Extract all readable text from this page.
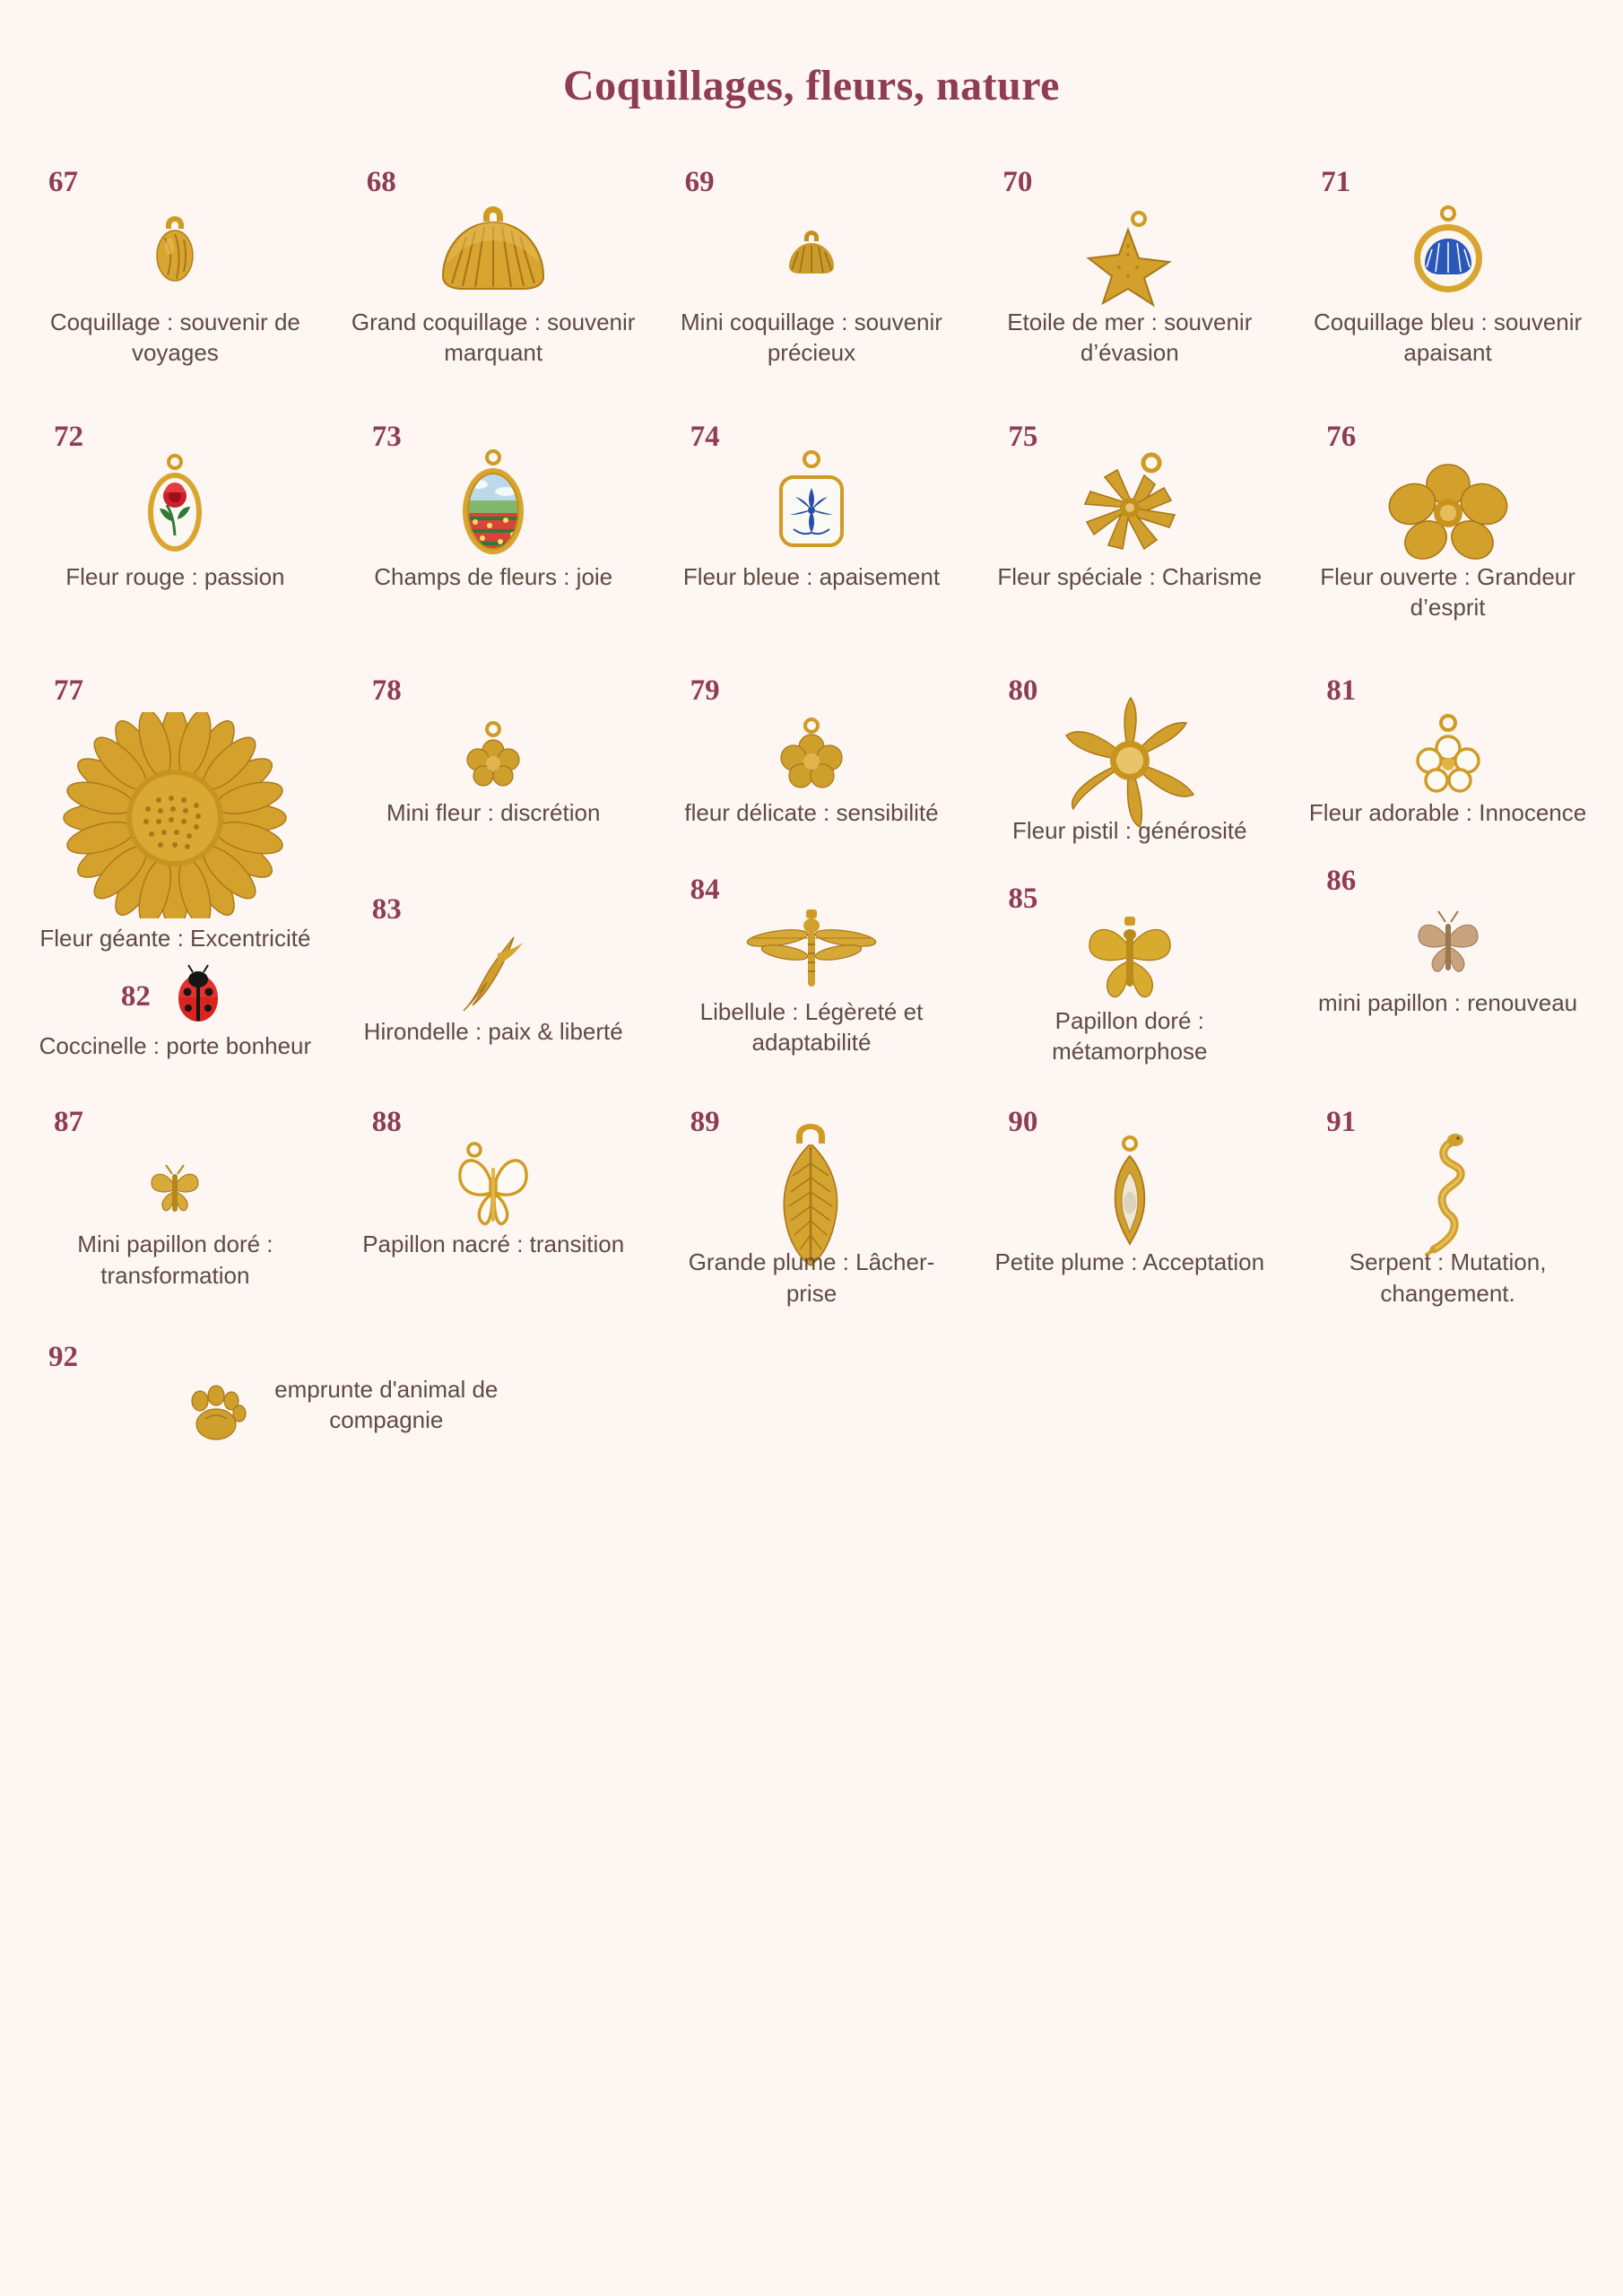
Coquillages, fleurs, nature
67
Coquillage : souvenir de voyages
68
Grand coquillage : souvenir marquant
69
Mini coquillage : souvenir précieux
70
Etoile de mer : souvenir d’évasion
71
Coquillage bleu : souvenir apaisant
72
Fleur rouge : passion
73
Champs de fleurs : joie
74
Fleur bleue : apaisement
75
Fleur spéciale : Charisme
76
Fleur ouverte : Grandeur d’esprit
77
Fleur géante : Excentricité
82
Coccinelle : porte bonheur
78
Mini fleur : discrétion
83
Hirondelle : paix & liberté
79
fleur délicate : sensibilité
84
Libellule : Légèreté et adaptabilité
80
Fleur pistil : générosité
85
Papillon doré : métamorphose
81
Fleur adorable : Innocence
86
mini papillon : renouveau
87
Mini papillon doré : transformation
88
Papillon nacré : transition
89
Grande plume : Lâcher-prise
90
Petite plume : Acceptation
91
Serpent : Mutation, changement.
92
emprunte d'animal de compagnie
